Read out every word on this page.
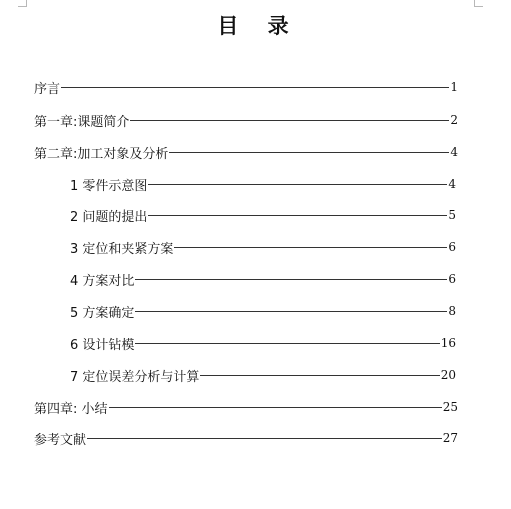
目 录
序言	1
第一章:课题简介	2
第二章:加工对象及分析	4
1 零件示意图	4
2 问题的提出	5
3 定位和夹紧方案	6
4 方案对比	6
5 方案确定	8
6 设计钻模	16
7 定位误差分析与计算	20
第四章: 小结	25
参考文献	27
